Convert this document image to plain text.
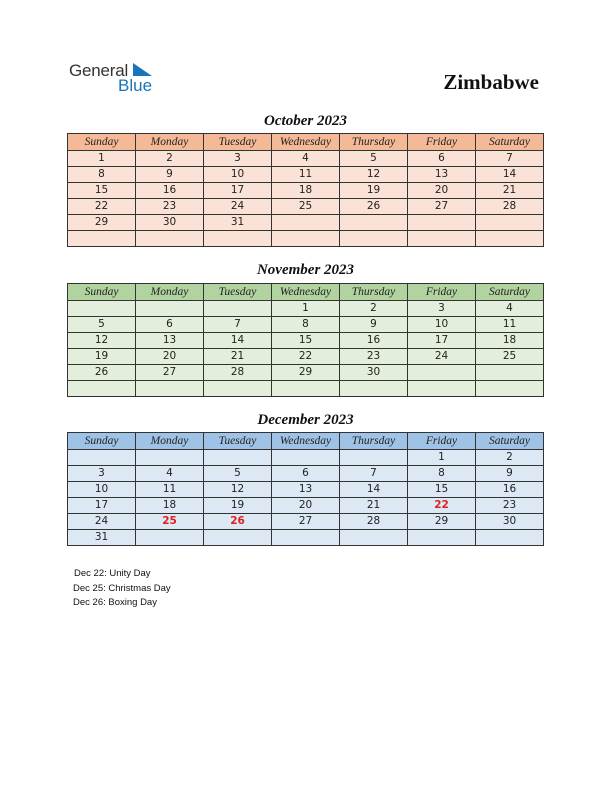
General
Blue	Zimbabwe
October 2023
Sunday	Monday	Tuesday	Wednesday	Thursday	Friday	Saturday
1	2	3	4	5	6	7
8	9	10	11	12	13	14
15	16	17	18	19	20	21
22	23	24	25	26	27	28
29	30	31				

November 2023
Sunday	Monday	Tuesday	Wednesday	Thursday	Friday	Saturday
			1	2	3	4
5	6	7	8	9	10	11
12	13	14	15	16	17	18
19	20	21	22	23	24	25
26	27	28	29	30		

December 2023
Sunday	Monday	Tuesday	Wednesday	Thursday	Friday	Saturday
					1	2
3	4	5	6	7	8	9
10	11	12	13	14	15	16
17	18	19	20	21	22	23
24	25	26	27	28	29	30
31						
Dec 22: Unity Day
Dec 25: Christmas Day
Dec 26: Boxing Day
